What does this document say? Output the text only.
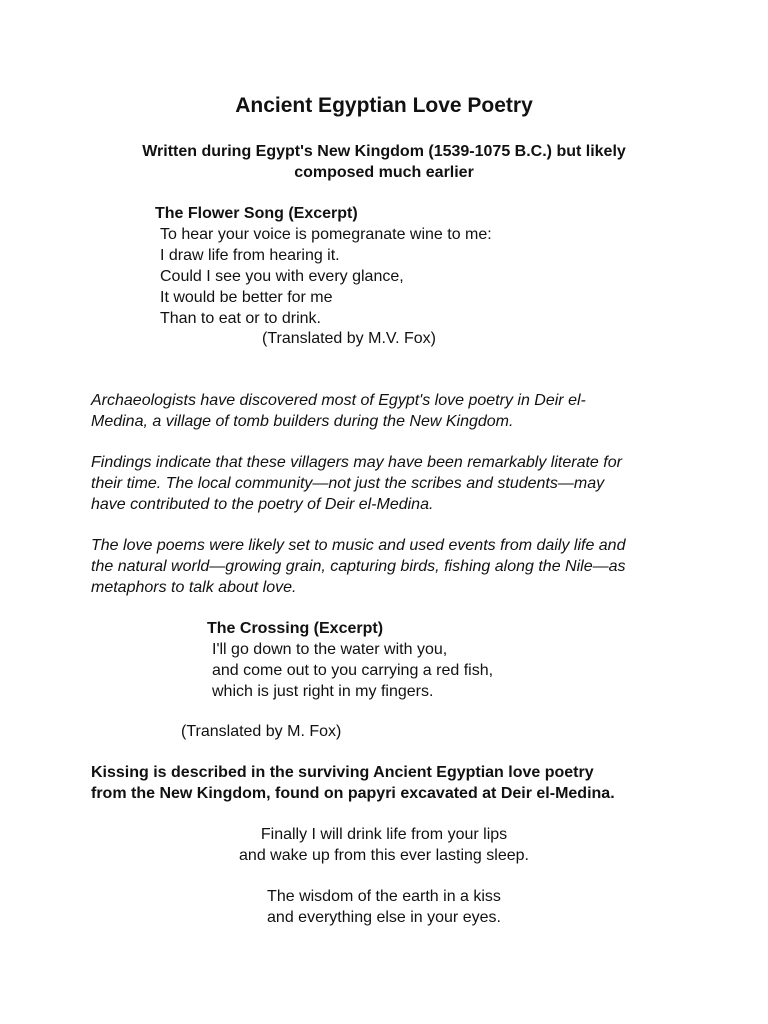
Ancient Egyptian Love Poetry
Written during Egypt's New Kingdom (1539-1075 B.C.) but likely
composed much earlier
The Flower Song (Excerpt)
To hear your voice is pomegranate wine to me:
I draw life from hearing it.
Could I see you with every glance,
It would be better for me
Than to eat or to drink.
(Translated by M.V. Fox)
Archaeologists have discovered most of Egypt's love poetry in Deir el-
Medina, a village of tomb builders during the New Kingdom.
Findings indicate that these villagers may have been remarkably literate for
their time. The local community—not just the scribes and students—may
have contributed to the poetry of Deir el-Medina.
The love poems were likely set to music and used events from daily life and
the natural world—growing grain, capturing birds, fishing along the Nile—as
metaphors to talk about love.
The Crossing (Excerpt)
I'll go down to the water with you,
and come out to you carrying a red fish,
which is just right in my fingers.
(Translated by M. Fox)
Kissing is described in the surviving Ancient Egyptian love poetry
from the New Kingdom, found on papyri excavated at Deir el-Medina.
Finally I will drink life from your lips
and wake up from this ever lasting sleep.
The wisdom of the earth in a kiss
and everything else in your eyes.
